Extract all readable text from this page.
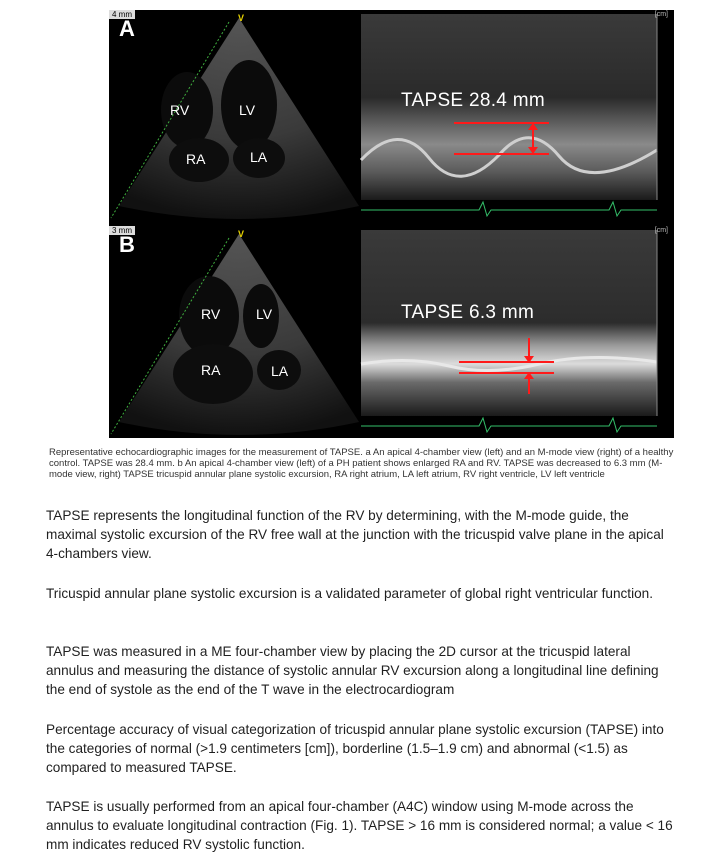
4 mm
A	V	[cm]
RV	LV
RA	LA
TAPSE 28.4 mm
3 mm
B	V	[cm]
RV	LV
RA	LA
TAPSE 6.3 mm
Representative echocardiographic images for the measurement of TAPSE. a An apical 4-chamber view (left) and an M-mode view (right) of a healthy control. TAPSE was 28.4 mm. b An apical 4-chamber view (left) of a PH patient shows enlarged RA and RV. TAPSE was decreased to 6.3 mm (M-mode view, right) TAPSE tricuspid annular plane systolic excursion, RA right atrium, LA left atrium, RV right ventricle, LV left ventricle

TAPSE represents the longitudinal function of the RV by determining, with the M-mode guide, the maximal systolic excursion of the RV free wall at the junction with the tricuspid valve plane in the apical 4-chambers view.

Tricuspid annular plane systolic excursion is a validated parameter of global right ventricular function.

TAPSE was measured in a ME four-chamber view by placing the 2D cursor at the tricuspid lateral annulus and measuring the distance of systolic annular RV excursion along a longitudinal line defining the end of systole as the end of the T wave in the electrocardiogram

Percentage accuracy of visual categorization of tricuspid annular plane systolic excursion (TAPSE) into the categories of normal (>1.9 centimeters [cm]), borderline (1.5–1.9 cm) and abnormal (<1.5) as compared to measured TAPSE.

TAPSE is usually performed from an apical four-chamber (A4C) window using M-mode across the annulus to evaluate longitudinal contraction (Fig. 1). TAPSE > 16 mm is considered normal; a value < 16 mm indicates reduced RV systolic function.
